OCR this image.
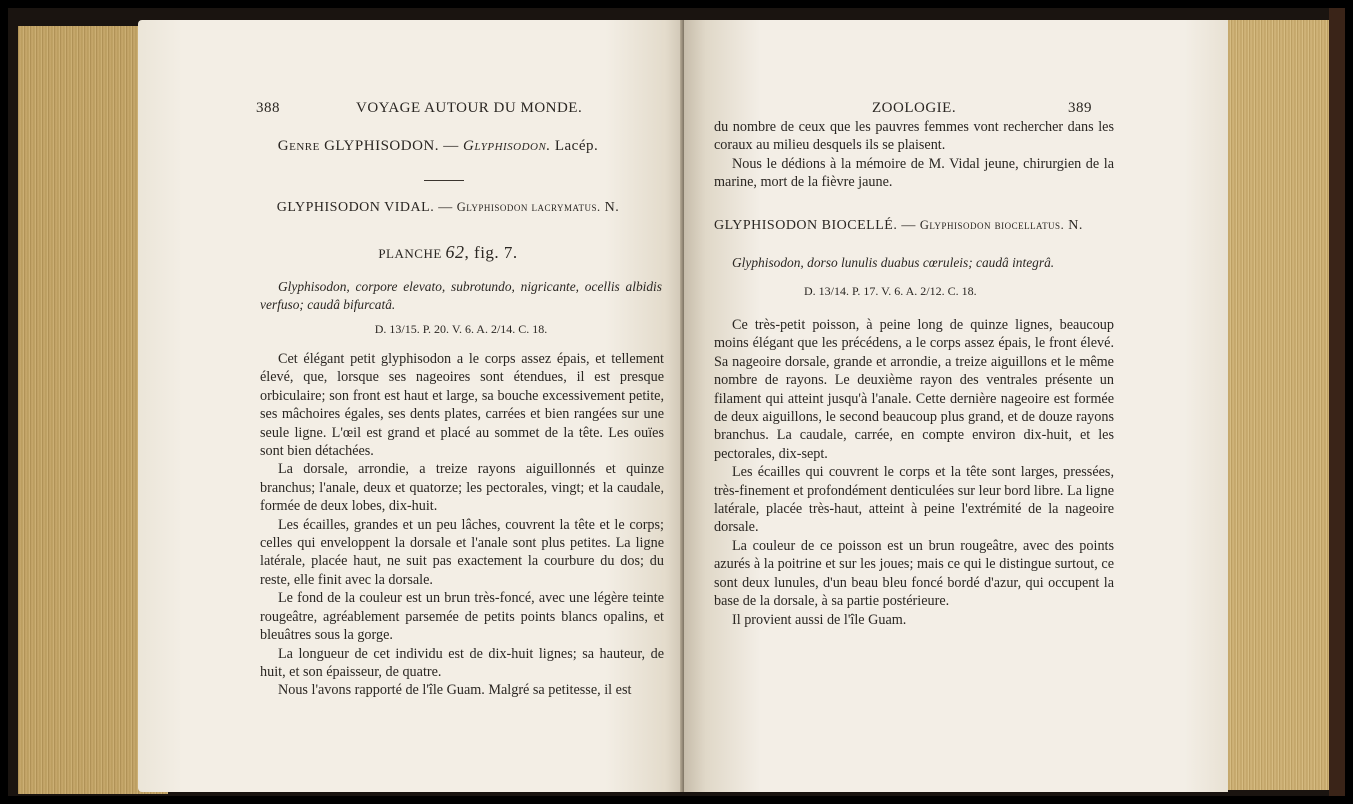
388	VOYAGE AUTOUR DU MONDE.
Genre GLYPHISODON. — Glyphisodon. Lacép.
GLYPHISODON VIDAL. — Glyphisodon lacrymatus. N.
PLANCHE 62, fig. 7.

Glyphisodon, corpore elevato, subrotundo, nigricante, ocellis albidis verfuso; caudâ bifurcatâ.

D. 13/15. P. 20. V. 6. A. 2/14. C. 18.

Cet élégant petit glyphisodon a le corps assez épais, et tellement élevé, que, lorsque ses nageoires sont étendues, il est presque orbiculaire; son front est haut et large, sa bouche excessivement petite, ses mâchoires égales, ses dents plates, carrées et bien rangées sur une seule ligne. L'œil est grand et placé au sommet de la tête. Les ouïes sont bien détachées.

La dorsale, arrondie, a treize rayons aiguillonnés et quinze branchus; l'anale, deux et quatorze; les pectorales, vingt; et la caudale, formée de deux lobes, dix-huit.

Les écailles, grandes et un peu lâches, couvrent la tête et le corps; celles qui enveloppent la dorsale et l'anale sont plus petites. La ligne latérale, placée haut, ne suit pas exactement la courbure du dos; du reste, elle finit avec la dorsale.

Le fond de la couleur est un brun très-foncé, avec une légère teinte rougeâtre, agréablement parsemée de petits points blancs opalins, et bleuâtres sous la gorge.

La longueur de cet individu est de dix-huit lignes; sa hauteur, de huit, et son épaisseur, de quatre.

Nous l'avons rapporté de l'île Guam. Malgré sa petitesse, il est

ZOOLOGIE.	389

du nombre de ceux que les pauvres femmes vont rechercher dans les coraux au milieu desquels ils se plaisent.

Nous le dédions à la mémoire de M. Vidal jeune, chirurgien de la marine, mort de la fièvre jaune.

GLYPHISODON BIOCELLÉ. — Glyphisodon biocellatus. N.

Glyphisodon, dorso lunulis duabus cœruleis; caudâ integrâ.

D. 13/14. P. 17. V. 6. A. 2/12. C. 18.

Ce très-petit poisson, à peine long de quinze lignes, beaucoup moins élégant que les précédens, a le corps assez épais, le front élevé. Sa nageoire dorsale, grande et arrondie, a treize aiguillons et le même nombre de rayons. Le deuxième rayon des ventrales présente un filament qui atteint jusqu'à l'anale. Cette dernière nageoire est formée de deux aiguillons, le second beaucoup plus grand, et de douze rayons branchus. La caudale, carrée, en compte environ dix-huit, et les pectorales, dix-sept.

Les écailles qui couvrent le corps et la tête sont larges, pressées, très-finement et profondément denticulées sur leur bord libre. La ligne latérale, placée très-haut, atteint à peine l'extrémité de la nageoire dorsale.

La couleur de ce poisson est un brun rougeâtre, avec des points azurés à la poitrine et sur les joues; mais ce qui le distingue surtout, ce sont deux lunules, d'un beau bleu foncé bordé d'azur, qui occupent la base de la dorsale, à sa partie postérieure.

Il provient aussi de l'île Guam.
